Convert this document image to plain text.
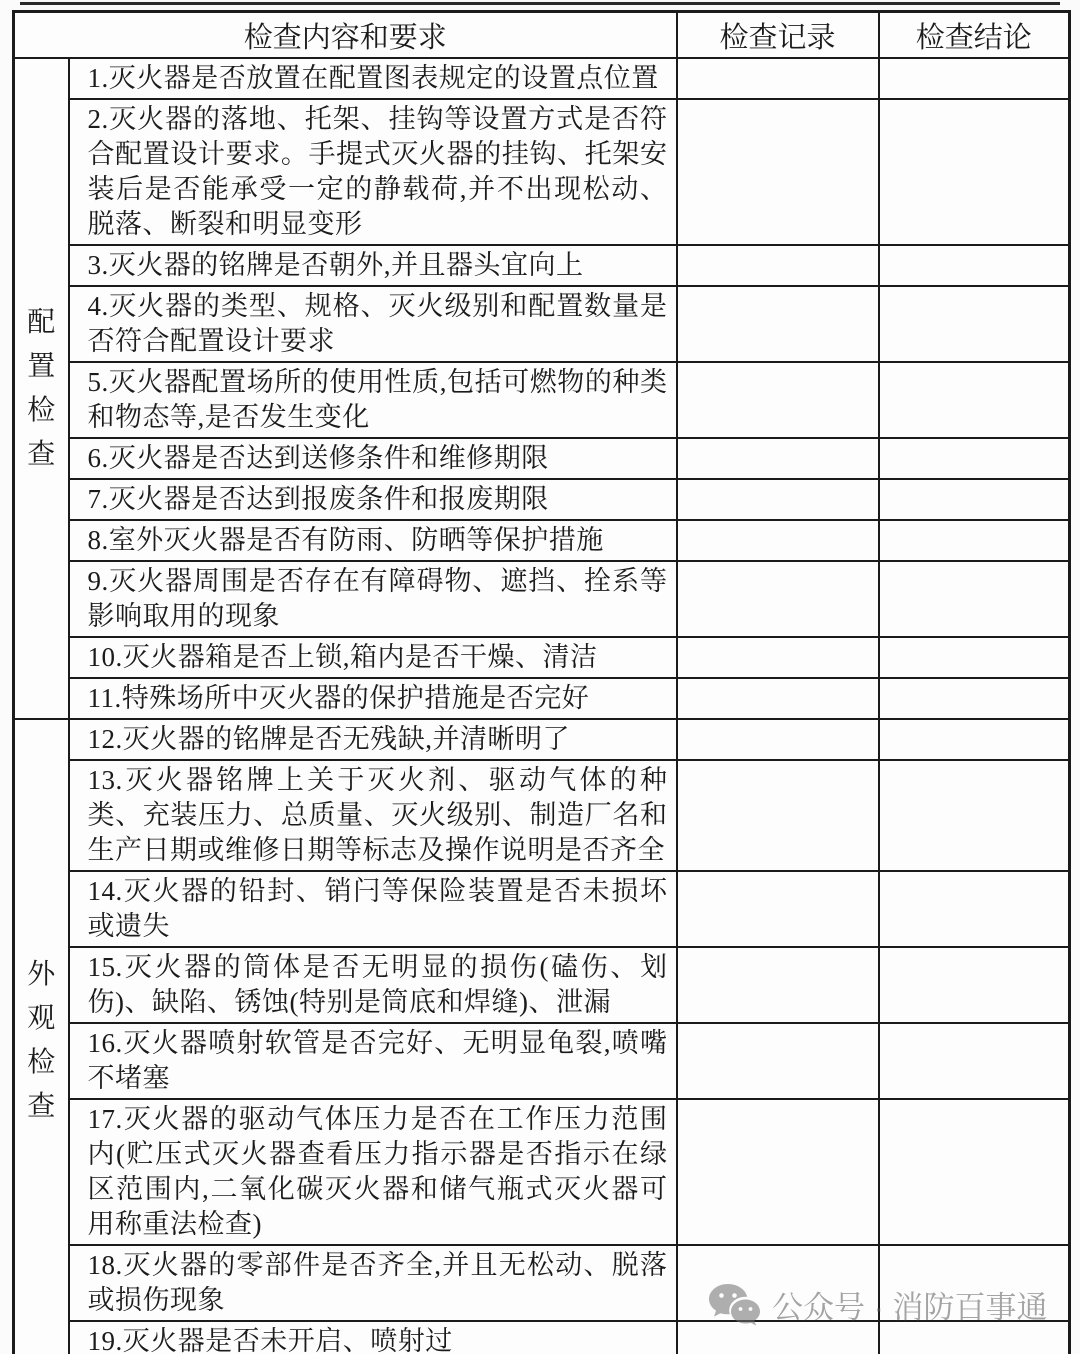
检查内容和要求		检查记录	检查结论
配置检查	1.灭火器是否放置在配置图表规定的设置点位置		
	2.灭火器的落地、托架、挂钩等设置方式是否符合配置设计要求。手提式灭火器的挂钩、托架安装后是否能承受一定的静载荷,并不出现松动、脱落、断裂和明显变形		
	3.灭火器的铭牌是否朝外,并且器头宜向上		
	4.灭火器的类型、规格、灭火级别和配置数量是否符合配置设计要求		
	5.灭火器配置场所的使用性质,包括可燃物的种类和物态等,是否发生变化		
	6.灭火器是否达到送修条件和维修期限		
	7.灭火器是否达到报废条件和报废期限		
	8.室外灭火器是否有防雨、防晒等保护措施		
	9.灭火器周围是否存在有障碍物、遮挡、拴系等影响取用的现象		
	10.灭火器箱是否上锁,箱内是否干燥、清洁		
	11.特殊场所中灭火器的保护措施是否完好		
外观检查	12.灭火器的铭牌是否无残缺,并清晰明了		
	13.灭火器铭牌上关于灭火剂、驱动气体的种类、充装压力、总质量、灭火级别、制造厂名和生产日期或维修日期等标志及操作说明是否齐全		
	14.灭火器的铅封、销闩等保险装置是否未损坏或遗失		
	15.灭火器的筒体是否无明显的损伤(磕伤、划伤)、缺陷、锈蚀(特别是筒底和焊缝)、泄漏		
	16.灭火器喷射软管是否完好、无明显龟裂,喷嘴不堵塞		
	17.灭火器的驱动气体压力是否在工作压力范围内(贮压式灭火器查看压力指示器是否指示在绿区范围内,二氧化碳灭火器和储气瓶式灭火器可用称重法检查)		
	18.灭火器的零部件是否齐全,并且无松动、脱落或损伤现象		
	19.灭火器是否未开启、喷射过		
公众号 · 消防百事通
